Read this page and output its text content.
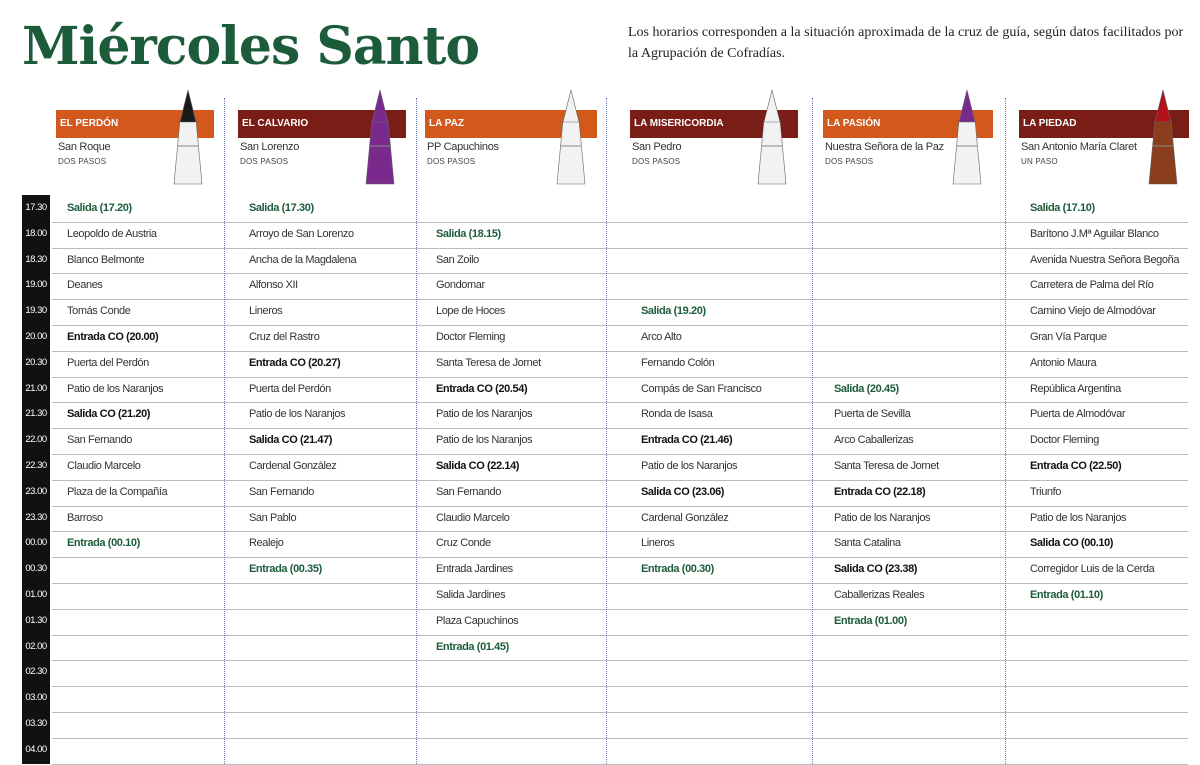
Miércoles Santo	Los horarios corresponden a la situación aproximada de la cruz de guía, según datos facilitados por la Agrupación de Cofradías.
17.30
18.00
18.30
19.00
19.30
20.00
20.30
21.00
21.30
22.00
22.30
23.00
23.30
00.00
00.30
01.00
01.30
02.00
02.30
03.00
03.30
04.00
EL PERDÓN
San Roque
DOS PASOS
Salida (17.20)
Leopoldo de Austria
Blanco Belmonte
Deanes
Tomás Conde
Entrada CO (20.00)
Puerta del Perdón
Patio de los Naranjos
Salida CO (21.20)
San Fernando
Claudio Marcelo
Plaza de la Compañía
Barroso
Entrada (00.10)
EL CALVARIO
San Lorenzo
DOS PASOS
Salida (17.30)
Arroyo de San Lorenzo
Ancha de la Magdalena
Alfonso XII
Lineros
Cruz del Rastro
Entrada CO (20.27)
Puerta del Perdón
Patio de los Naranjos
Salida CO (21.47)
Cardenal González
San Fernando
San Pablo
Realejo
Entrada (00.35)
LA PAZ
PP Capuchinos
DOS PASOS
Salida (18.15)
San Zoilo
Gondomar
Lope de Hoces
Doctor Fleming
Santa Teresa de Jornet
Entrada CO (20.54)
Patio de los Naranjos
Patio de los Naranjos
Salida CO (22.14)
San Fernando
Claudio Marcelo
Cruz Conde
Entrada Jardines
Salida Jardines
Plaza Capuchinos
Entrada (01.45)
LA MISERICORDIA
San Pedro
DOS PASOS
Salida (19.20)
Arco Alto
Fernando Colón
Compás de San Francisco
Ronda de Isasa
Entrada CO (21.46)
Patio de los Naranjos
Salida CO (23.06)
Cardenal González
Lineros
Entrada (00.30)
LA PASIÓN
Nuestra Señora de la Paz
DOS PASOS
Salida (20.45)
Puerta de Sevilla
Arco Caballerizas
Santa Teresa de Jornet
Entrada CO (22.18)
Patio de los Naranjos
Santa Catalina
Salida CO (23.38)
Caballerizas Reales
Entrada (01.00)
LA PIEDAD
San Antonio María Claret
UN PASO
Salida (17.10)
Barítono J.Mª Aguilar Blanco
Avenida Nuestra Señora Begoña
Carretera de Palma del Río
Camino Viejo de Almodóvar
Gran Vía Parque
Antonio Maura
República Argentina
Puerta de Almodóvar
Doctor Fleming
Entrada CO (22.50)
Triunfo
Patio de los Naranjos
Salida CO (00.10)
Corregidor Luis de la Cerda
Entrada (01.10)
